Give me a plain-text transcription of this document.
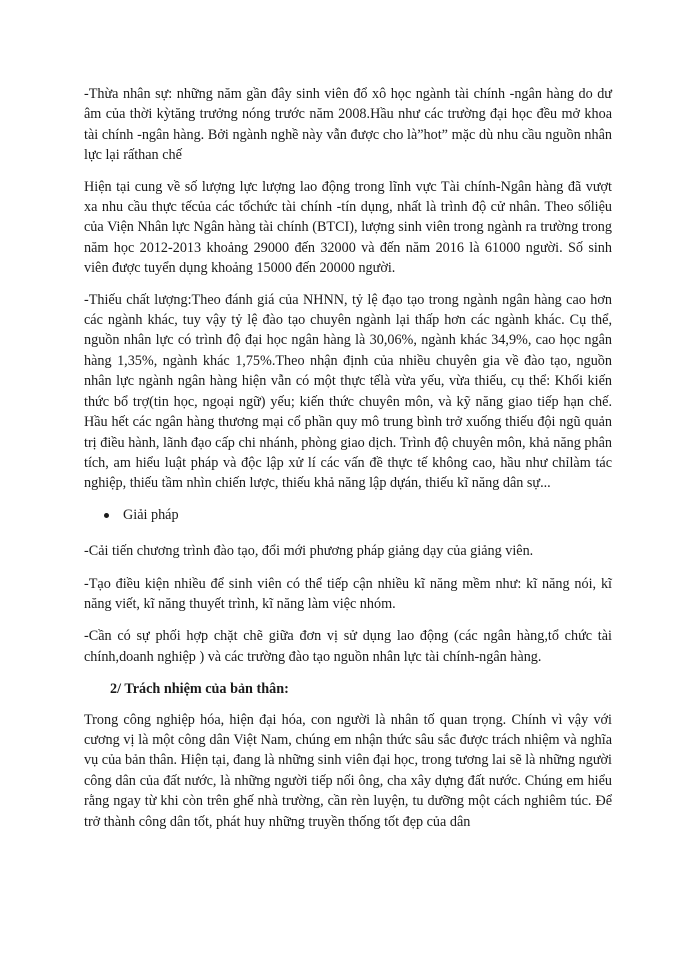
-Thừa nhân sự: những năm gần đây sinh viên đổ xô học ngành tài chính -ngân hàng do dư âm của thời kỳtăng trưởng nóng trước năm 2008.Hầu như các trường đại học đều mở khoa tài chính -ngân hàng. Bởi ngành nghề này vẫn được cho là”hot” mặc dù nhu cầu nguồn nhân lực lại rấthan chế

Hiện tại cung về số lượng lực lượng lao động trong lĩnh vực Tài chính-Ngân hàng đã vượt xa nhu cầu thực tếcủa các tổchức tài chính -tín dụng, nhất là trình độ cử nhân. Theo sốliệu của Viện Nhân lực Ngân hàng tài chính (BTCI), lượng sinh viên trong ngành ra trường trong năm học 2012-2013 khoảng 29000 đến 32000 và đến năm 2016 là 61000 người. Số sinh viên được tuyển dụng khoảng 15000 đến 20000 người.

-Thiếu chất lượng:Theo đánh giá của NHNN, tỷ lệ đạo tạo trong ngành ngân hàng cao hơn các ngành khác, tuy vậy tỷ lệ đào tạo chuyên ngành lại thấp hơn các ngành khác. Cụ thể, nguồn nhân lực có trình độ đại học ngân hàng là 30,06%, ngành khác 34,9%, cao học ngân hàng 1,35%, ngành khác 1,75%.Theo nhận định của nhiều chuyên gia về đào tạo, nguồn nhân lực ngành ngân hàng hiện vẫn có một thực tếlà vừa yếu, vừa thiếu, cụ thể: Khối kiến thức bổ trợ(tin học, ngoại ngữ) yếu; kiến thức chuyên môn, và kỹ năng giao tiếp hạn chế. Hầu hết các ngân hàng thương mại cổ phần quy mô trung bình trở xuống thiếu đội ngũ quản trị điều hành, lãnh đạo cấp chi nhánh, phòng giao dịch. Trình độ chuyên môn, khả năng phân tích, am hiểu luật pháp và độc lập xử lí các vấn đề thực tế không cao, hầu như chỉlàm tác nghiệp, thiếu tầm nhìn chiến lược, thiếu khả năng lập dựán, thiếu kĩ năng dân sự...

Giải pháp

-Cải tiến chương trình đào tạo, đổi mới phương pháp giảng dạy của giảng viên.

-Tạo điều kiện nhiều để sinh viên có thể tiếp cận nhiều kĩ năng mềm như: kĩ năng nói, kĩ năng viết, kĩ năng thuyết trình, kĩ năng làm việc nhóm.

-Cần có sự phối hợp chặt chẽ giữa đơn vị sử dụng lao động (các ngân hàng,tổ chức tài chính,doanh nghiệp ) và các trường đào tạo nguồn nhân lực tài chính-ngân hàng.

2/ Trách nhiệm của bản thân:

Trong công nghiệp hóa, hiện đại hóa, con người là nhân tố quan trọng. Chính vì vậy với cương vị là một công dân Việt Nam, chúng em nhận thức sâu sắc được trách nhiệm và nghĩa vụ của bản thân. Hiện tại, đang là những sinh viên đại học, trong tương lai sẽ là những người công dân của đất nước, là những người tiếp nối ông, cha xây dựng đất nước. Chúng em hiểu rằng ngay từ khi còn trên ghế nhà trường, cần rèn luyện, tu dưỡng một cách nghiêm túc. Để trở thành công dân tốt, phát huy những truyền thống tốt đẹp của dân
